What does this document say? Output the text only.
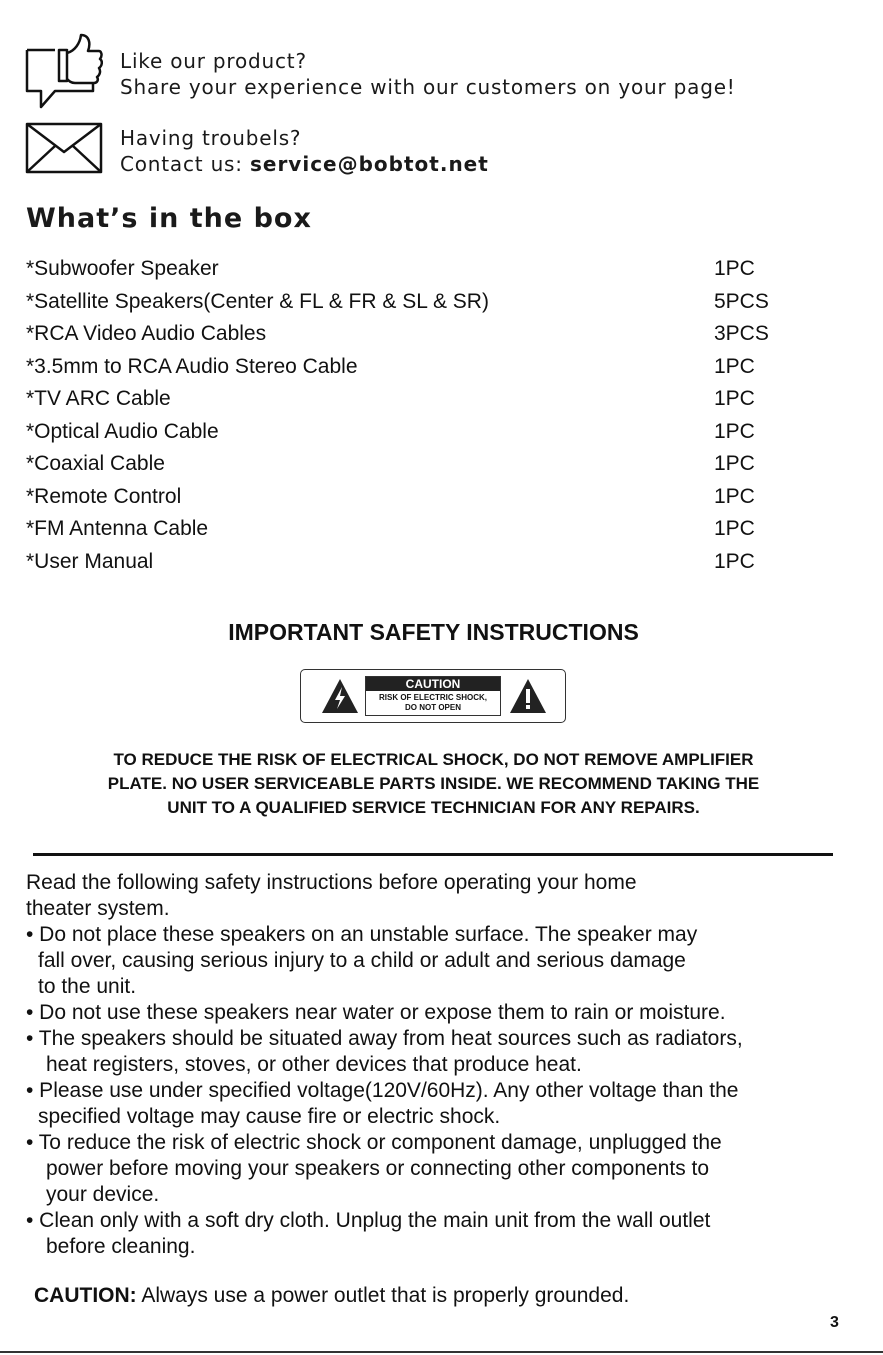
Like our product?
Share your experience with our customers on your page!
Having troubels?
Contact us: service@bobtot.net
What’s in the box
*Subwoofer Speaker	1PC
*Satellite Speakers(Center & FL & FR & SL & SR)	5PCS
*RCA Video Audio Cables	3PCS
*3.5mm to RCA Audio Stereo Cable	1PC
*TV ARC Cable	1PC
*Optical Audio Cable	1PC
*Coaxial Cable	1PC
*Remote Control	1PC
*FM Antenna Cable	1PC
*User Manual	1PC
IMPORTANT SAFETY INSTRUCTIONS
CAUTION
RISK OF ELECTRIC SHOCK,
DO NOT OPEN
TO REDUCE THE RISK OF ELECTRICAL SHOCK, DO NOT REMOVE AMPLIFIER
PLATE. NO USER SERVICEABLE PARTS INSIDE. WE RECOMMEND TAKING THE
UNIT TO A QUALIFIED SERVICE TECHNICIAN FOR ANY REPAIRS.
Read the following safety instructions before operating your home
theater system.
• Do not place these speakers on an unstable surface. The speaker may
fall over, causing serious injury to a child or adult and serious damage
to the unit.
• Do not use these speakers near water or expose them to rain or moisture.
• The speakers should be situated away from heat sources such as radiators,
heat registers, stoves, or other devices that produce heat.
• Please use under specified voltage(120V/60Hz). Any other voltage than the
specified voltage may cause fire or electric shock.
• To reduce the risk of electric shock or component damage, unplugged the
power before moving your speakers or connecting other components to
your device.
• Clean only with a soft dry cloth. Unplug the main unit from the wall outlet
before cleaning.
CAUTION: Always use a power outlet that is properly grounded.
3
